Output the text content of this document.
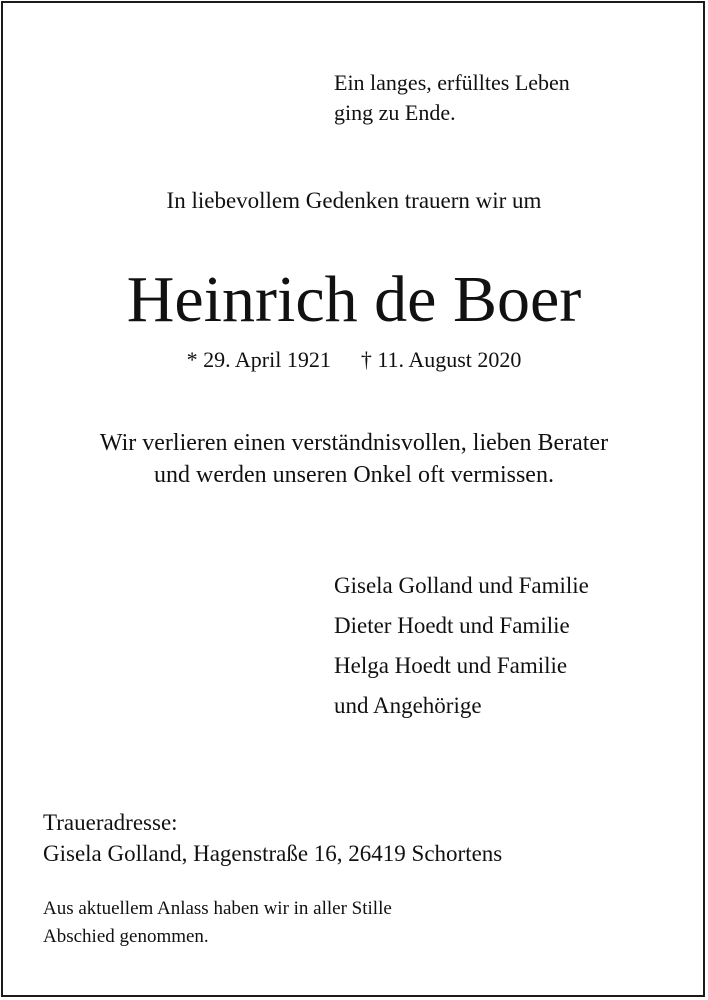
Ein langes, erfülltes Leben
ging zu Ende.
In liebevollem Gedenken trauern wir um
Heinrich de Boer
* 29. April 1921 † 11. August 2020
Wir verlieren einen verständnisvollen, lieben Berater
und werden unseren Onkel oft vermissen.
Gisela Golland und Familie
Dieter Hoedt und Familie
Helga Hoedt und Familie
und Angehörige
Traueradresse:
Gisela Golland, Hagenstraße 16, 26419 Schortens
Aus aktuellem Anlass haben wir in aller Stille
Abschied genommen.
